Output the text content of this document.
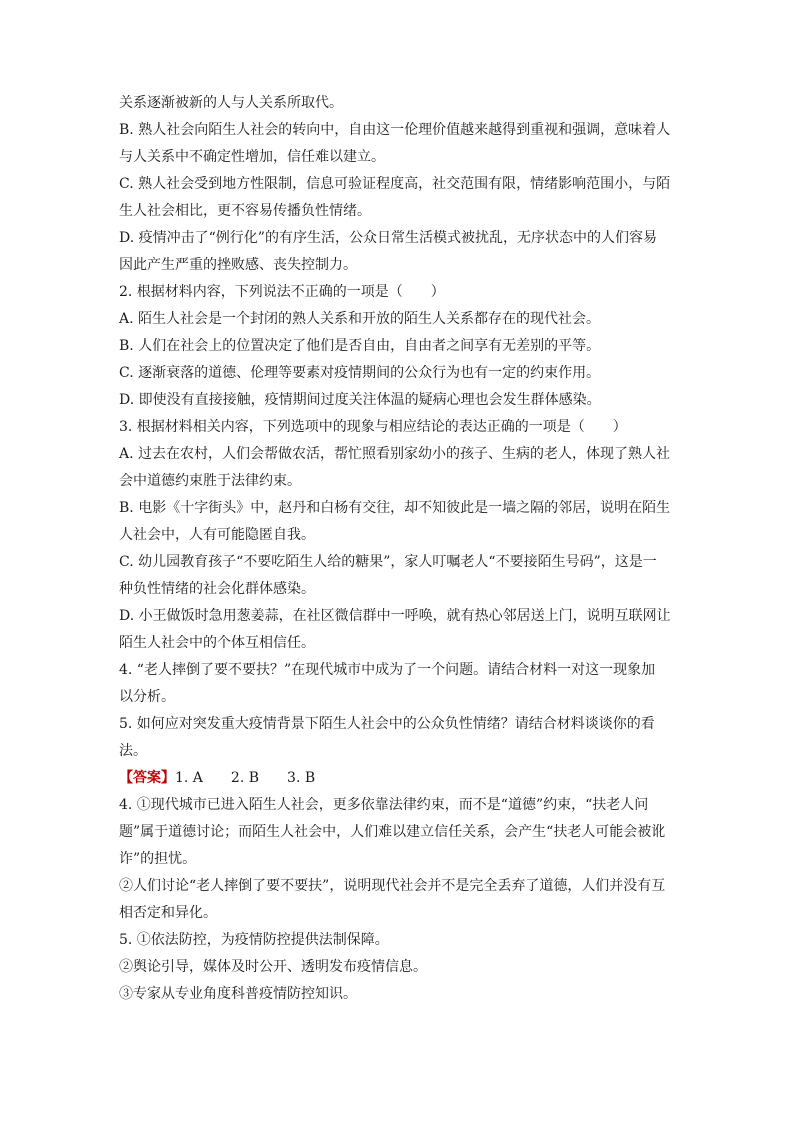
关系逐渐被新的人与人关系所取代。
B. 熟人社会向陌生人社会的转向中，自由这一伦理价值越来越得到重视和强调，意味着人
与人关系中不确定性增加，信任难以建立。
C. 熟人社会受到地方性限制，信息可验证程度高，社交范围有限，情绪影响范围小，与陌
生人社会相比，更不容易传播负性情绪。
D. 疫情冲击了“例行化”的有序生活，公众日常生活模式被扰乱，无序状态中的人们容易
因此产生严重的挫败感、丧失控制力。
2. 根据材料内容，下列说法不正确的一项是（　　）
A. 陌生人社会是一个封闭的熟人关系和开放的陌生人关系都存在的现代社会。
B. 人们在社会上的位置决定了他们是否自由，自由者之间享有无差别的平等。
C. 逐渐衰落的道德、伦理等要素对疫情期间的公众行为也有一定的约束作用。
D. 即使没有直接接触，疫情期间过度关注体温的疑病心理也会发生群体感染。
3. 根据材料相关内容，下列选项中的现象与相应结论的表达正确的一项是（　　）
A. 过去在农村，人们会帮做农活，帮忙照看别家幼小的孩子、生病的老人，体现了熟人社
会中道德约束胜于法律约束。
B. 电影《十字街头》中，赵丹和白杨有交往，却不知彼此是一墙之隔的邻居，说明在陌生
人社会中，人有可能隐匿自我。
C. 幼儿园教育孩子“不要吃陌生人给的糖果”，家人叮嘱老人“不要接陌生号码”，这是一
种负性情绪的社会化群体感染。
D. 小王做饭时急用葱姜蒜，在社区微信群中一呼唤，就有热心邻居送上门，说明互联网让
陌生人社会中的个体互相信任。
4. “老人摔倒了要不要扶？”在现代城市中成为了一个问题。请结合材料一对这一现象加
以分析。
5. 如何应对突发重大疫情背景下陌生人社会中的公众负性情绪？请结合材料谈谈你的看
法。
【答案】1. A 2. B 3. B
4. ①现代城市已进入陌生人社会，更多依靠法律约束，而不是“道德”约束，“扶老人问
题”属于道德讨论；而陌生人社会中，人们难以建立信任关系，会产生“扶老人可能会被讹
诈”的担忧。
②人们讨论“老人摔倒了要不要扶”，说明现代社会并不是完全丢弃了道德，人们并没有互
相否定和异化。
5. ①依法防控，为疫情防控提供法制保障。
②舆论引导，媒体及时公开、透明发布疫情信息。
③专家从专业角度科普疫情防控知识。
